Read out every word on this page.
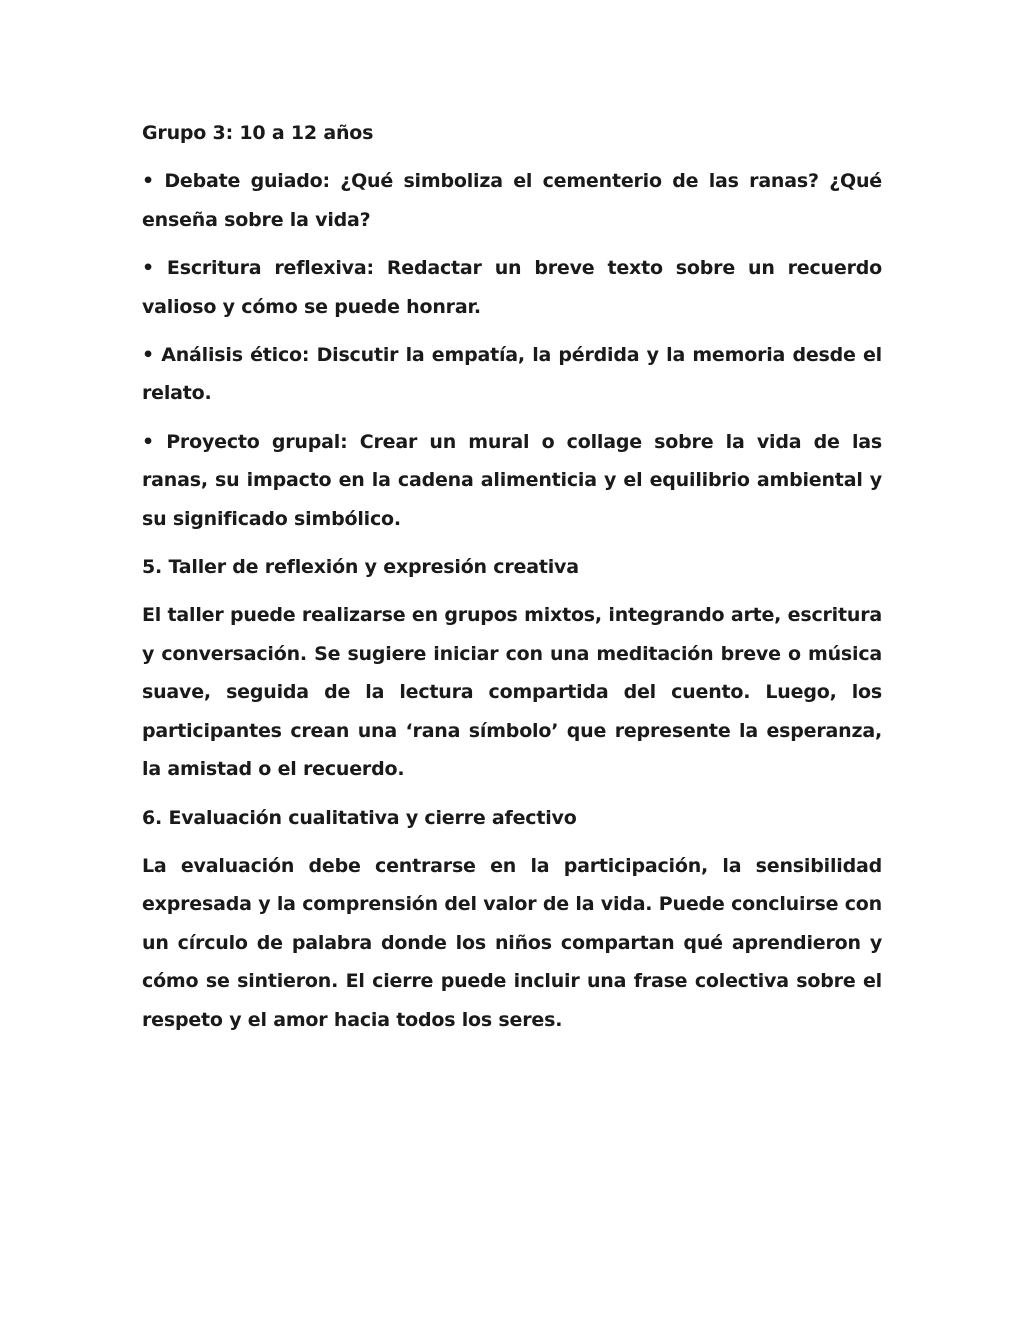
Grupo 3: 10 a 12 años

• Debate guiado: ¿Qué simboliza el cementerio de las ranas? ¿Qué enseña sobre la vida?

• Escritura reflexiva: Redactar un breve texto sobre un recuerdo valioso y cómo se puede honrar.

• Análisis ético: Discutir la empatía, la pérdida y la memoria desde el relato.

• Proyecto grupal: Crear un mural o collage sobre la vida de las ranas, su impacto en la cadena alimenticia y el equilibrio ambiental y su significado simbólico.

5. Taller de reflexión y expresión creativa

El taller puede realizarse en grupos mixtos, integrando arte, escritura y conversación. Se sugiere iniciar con una meditación breve o música suave, seguida de la lectura compartida del cuento. Luego, los participantes crean una ‘rana símbolo’ que represente la esperanza, la amistad o el recuerdo.

6. Evaluación cualitativa y cierre afectivo

La evaluación debe centrarse en la participación, la sensibilidad expresada y la comprensión del valor de la vida. Puede concluirse con un círculo de palabra donde los niños compartan qué aprendieron y cómo se sintieron. El cierre puede incluir una frase colectiva sobre el respeto y el amor hacia todos los seres.
